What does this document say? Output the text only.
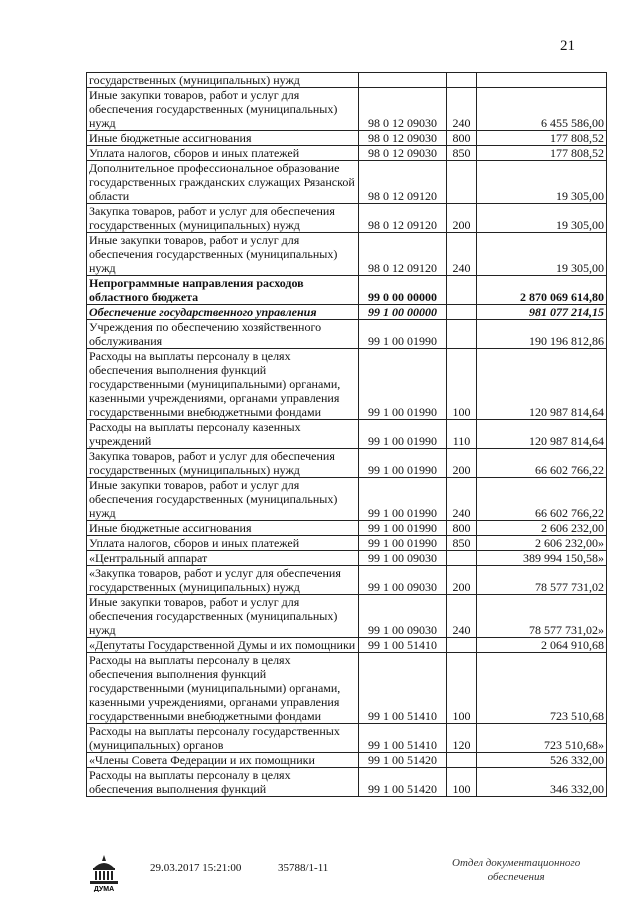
21
государственных (муниципальных) нужд			
Иные закупки товаров, работ и услуг для обеспечения государственных (муниципальных) нужд	98 0 12 09030	240	6 455 586,00
Иные бюджетные ассигнования	98 0 12 09030	800	177 808,52
Уплата налогов, сборов и иных платежей	98 0 12 09030	850	177 808,52
Дополнительное профессиональное образование государственных гражданских служащих Рязанской области	98 0 12 09120		19 305,00
Закупка товаров, работ и услуг для обеспечения государственных (муниципальных) нужд	98 0 12 09120	200	19 305,00
Иные закупки товаров, работ и услуг для обеспечения государственных (муниципальных) нужд	98 0 12 09120	240	19 305,00
Непрограммные направления расходов областного бюджета	99 0 00 00000		2 870 069 614,80
Обеспечение государственного управления	99 1 00 00000		981 077 214,15
Учреждения по обеспечению хозяйственного обслуживания	99 1 00 01990		190 196 812,86
Расходы на выплаты персоналу в целях обеспечения выполнения функций государственными (муниципальными) органами, казенными учреждениями, органами управления государственными внебюджетными фондами	99 1 00 01990	100	120 987 814,64
Расходы на выплаты персоналу казенных учреждений	99 1 00 01990	110	120 987 814,64
Закупка товаров, работ и услуг для обеспечения государственных (муниципальных) нужд	99 1 00 01990	200	66 602 766,22
Иные закупки товаров, работ и услуг для обеспечения государственных (муниципальных) нужд	99 1 00 01990	240	66 602 766,22
Иные бюджетные ассигнования	99 1 00 01990	800	2 606 232,00
Уплата налогов, сборов и иных платежей	99 1 00 01990	850	2 606 232,00»
«Центральный аппарат	99 1 00 09030		389 994 150,58»
«Закупка товаров, работ и услуг для обеспечения государственных (муниципальных) нужд	99 1 00 09030	200	78 577 731,02
Иные закупки товаров, работ и услуг для обеспечения государственных (муниципальных) нужд	99 1 00 09030	240	78 577 731,02»
«Депутаты Государственной Думы и их помощники	99 1 00 51410		2 064 910,68
Расходы на выплаты персоналу в целях обеспечения выполнения функций государственными (муниципальными) органами, казенными учреждениями, органами управления государственными внебюджетными фондами	99 1 00 51410	100	723 510,68
Расходы на выплаты персоналу государственных (муниципальных) органов	99 1 00 51410	120	723 510,68»
«Члены Совета Федерации и их помощники	99 1 00 51420		526 332,00
Расходы на выплаты персоналу в целях обеспечения выполнения функций	99 1 00 51420	100	346 332,00
ДУМА
29.03.2017 15:21:00	35788/1-11	Отдел документационного
обеспечения
